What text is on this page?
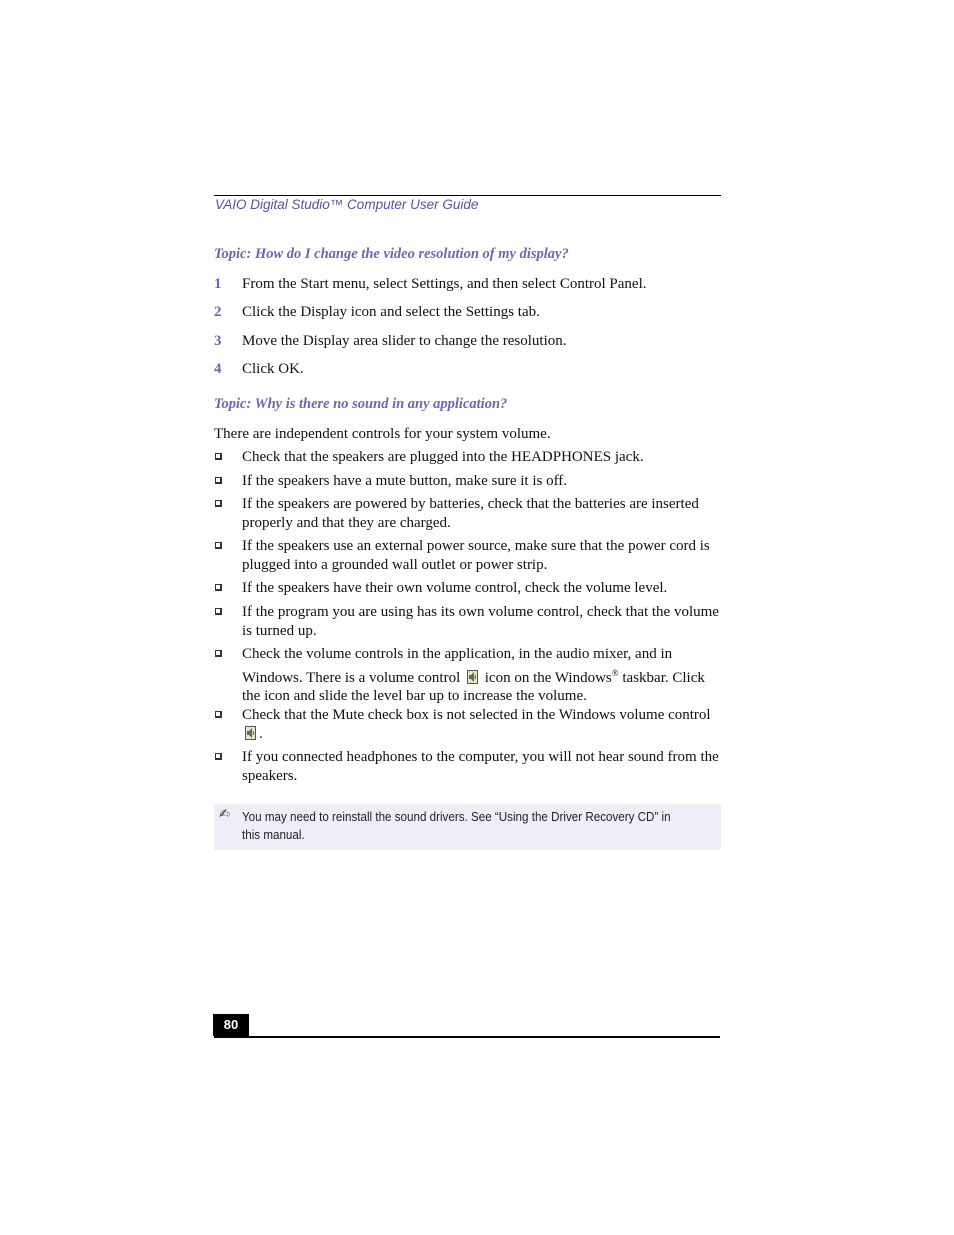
VAIO Digital Studio™ Computer User Guide
Topic: How do I change the video resolution of my display?
1 From the Start menu, select Settings, and then select Control Panel.
2 Click the Display icon and select the Settings tab.
3 Move the Display area slider to change the resolution.
4 Click OK.
Topic: Why is there no sound in any application?
There are independent controls for your system volume.
Check that the speakers are plugged into the HEADPHONES jack.
If the speakers have a mute button, make sure it is off.
If the speakers are powered by batteries, check that the batteries are inserted properly and that they are charged.
If the speakers use an external power source, make sure that the power cord is plugged into a grounded wall outlet or power strip.
If the speakers have their own volume control, check the volume level.
If the program you are using has its own volume control, check that the volume is turned up.
Check the volume controls in the application, in the audio mixer, and in Windows. There is a volume control icon on the Windows® taskbar. Click the icon and slide the level bar up to increase the volume.
Check that the Mute check box is not selected in the Windows volume control
.
If you connected headphones to the computer, you will not hear sound from the speakers.
✍ You may need to reinstall the sound drivers. See “Using the Driver Recovery CD” in this manual.
80
